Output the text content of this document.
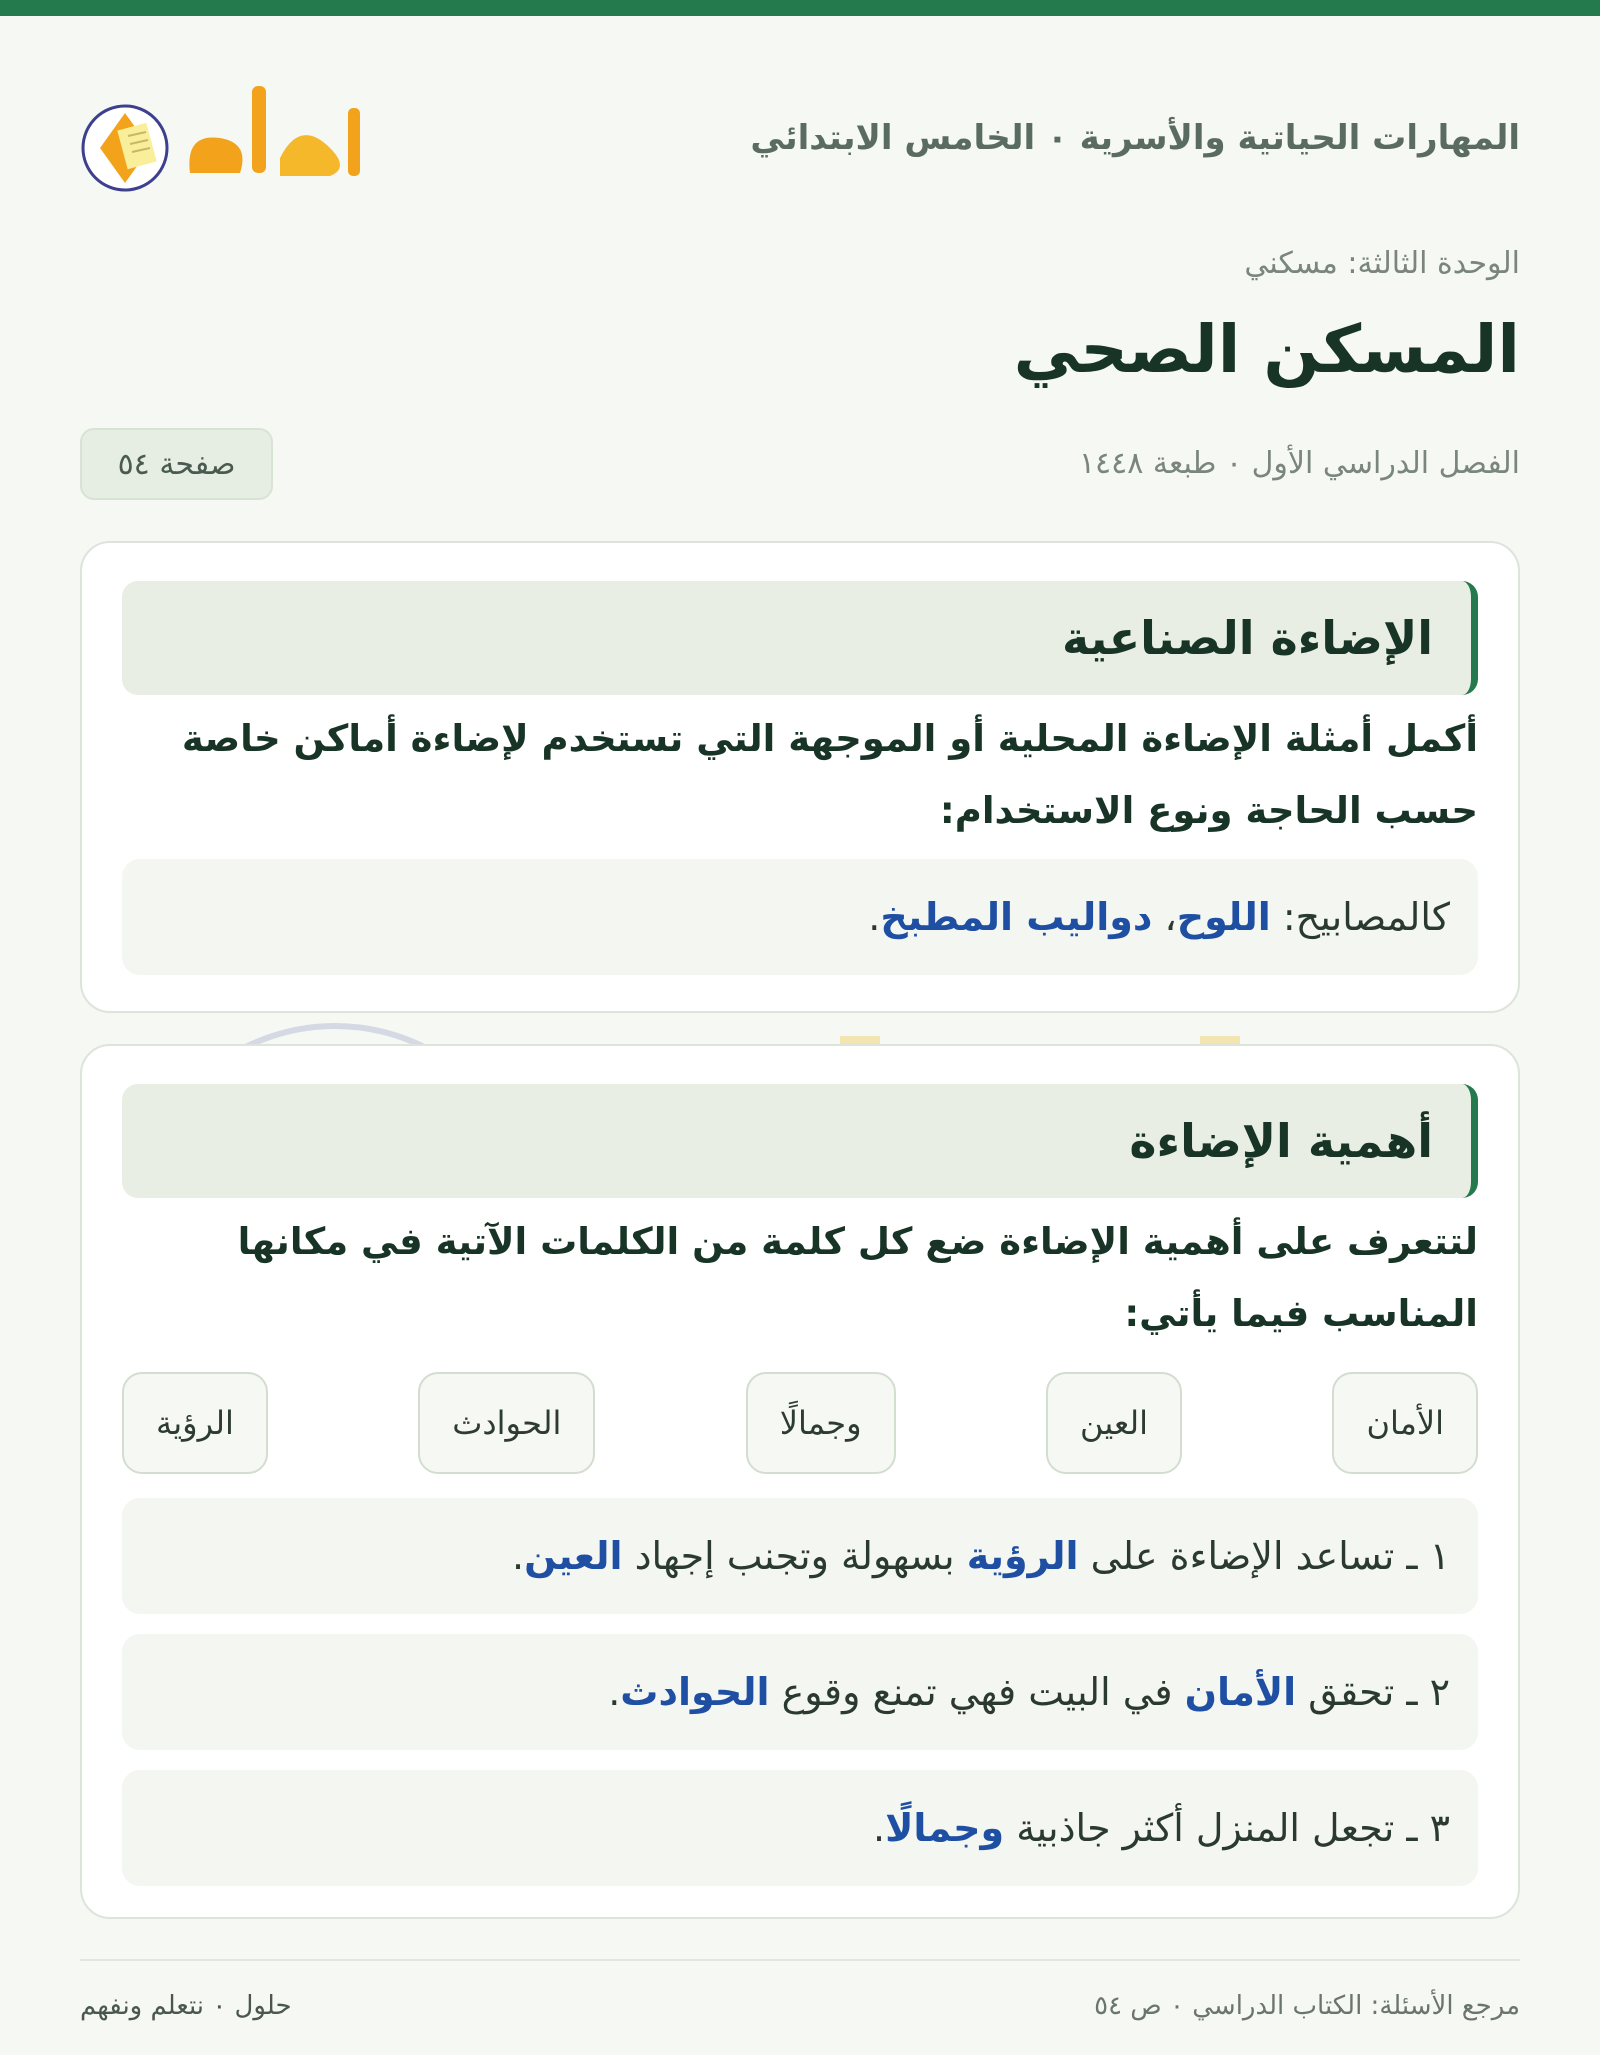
المهارات الحياتية والأسرية ٠ الخامس الابتدائي
الوحدة الثالثة: مسكني
المسكن الصحي
الفصل الدراسي الأول ٠ طبعة ١٤٤٨
صفحة ٥٤
الإضاءة الصناعية
أكمل أمثلة الإضاءة المحلية أو الموجهة التي تستخدم لإضاءة أماكن خاصة حسب الحاجة ونوع الاستخدام:
كالمصابيح: اللوح، دواليب المطبخ.
أهمية الإضاءة
لتتعرف على أهمية الإضاءة ضع كل كلمة من الكلمات الآتية في مكانها المناسب فيما يأتي:
الأمان
العين
وجمالًا
الحوادث
الرؤية
١ ـ تساعد الإضاءة على الرؤية بسهولة وتجنب إجهاد العين.
٢ ـ تحقق الأمان في البيت فهي تمنع وقوع الحوادث.
٣ ـ تجعل المنزل أكثر جاذبية وجمالًا.
مرجع الأسئلة: الكتاب الدراسي ٠ ص ٥٤
حلول ٠ نتعلم ونفهم
